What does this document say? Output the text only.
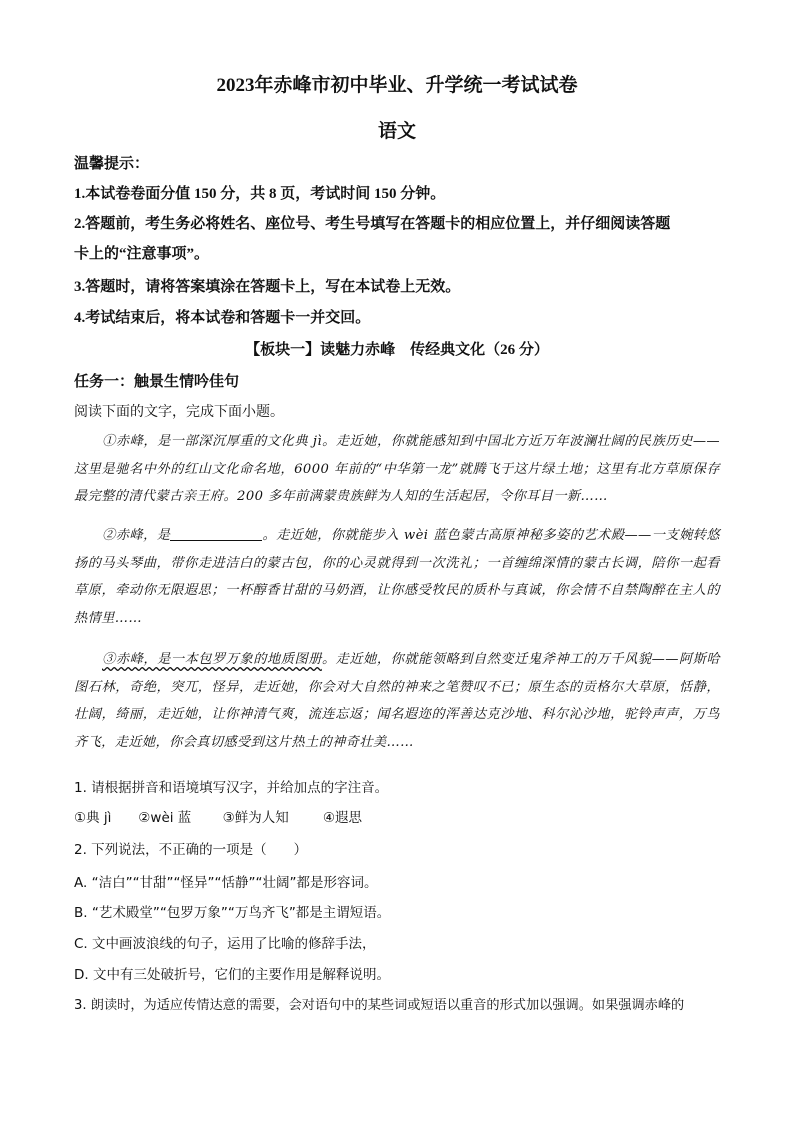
2023年赤峰市初中毕业、升学统一考试试卷
语文
温馨提示：
1.本试卷卷面分值 150 分，共 8 页，考试时间 150 分钟。
2.答题前，考生务必将姓名、座位号、考生号填写在答题卡的相应位置上，并仔细阅读答题
卡上的“注意事项”。
3.答题时，请将答案填涂在答题卡上，写在本试卷上无效。
4.考试结束后，将本试卷和答题卡一并交回。
【板块一】读魅力赤峰　传经典文化（26 分）
任务一：触景生情吟佳句
阅读下面的文字，完成下面小题。
①赤峰，是一部深沉厚重的文化典 jì。走近她，你就能感知到中国北方近万年波澜壮阔的民族历史——这里是驰名中外的红山文化命名地，6000 年前的“中华第一龙”就腾飞于这片绿土地；这里有北方草原保存最完整的清代蒙古亲王府。200 多年前满蒙贵族鲜为人知的生活起居，令你耳目一新……
②赤峰，是	。走近她，你就能步入 wèi 蓝色蒙古高原神秘多姿的艺术殿——一支婉转悠扬的马头琴曲，带你走进洁白的蒙古包，你的心灵就得到一次洗礼；一首缠绵深情的蒙古长调，陪你一起看草原，牵动你无限遐思；一杯醇香甘甜的马奶酒，让你感受牧民的质朴与真诚，你会情不自禁陶醉在主人的热情里……
③赤峰，是一本包罗万象的地质图册。走近她，你就能领略到自然变迁鬼斧神工的万千风貌——阿斯哈图石林，奇绝，突兀，怪异，走近她，你会对大自然的神来之笔赞叹不已；原生态的贡格尔大草原，恬静，壮阔，绮丽，走近她，让你神清气爽，流连忘返；闻名遐迩的浑善达克沙地、科尔沁沙地，驼铃声声，万鸟齐飞，走近她，你会真切感受到这片热土的神奇壮美……
1. 请根据拼音和语境填写汉字，并给加点的字注音。
①典 jì ②wèi 蓝 ③鲜为人知	④遐思
2. 下列说法，不正确的一项是（　　）
A. “洁白”“甘甜”“怪异”“恬静”“壮阔”都是形容词。
B. “艺术殿堂”“包罗万象”“万鸟齐飞”都是主谓短语。
C. 文中画波浪线的句子，运用了比喻的修辞手法，
D. 文中有三处破折号，它们的主要作用是解释说明。
3. 朗读时，为适应传情达意的需要，会对语句中的某些词或短语以重音的形式加以强调。如果强调赤峰的
